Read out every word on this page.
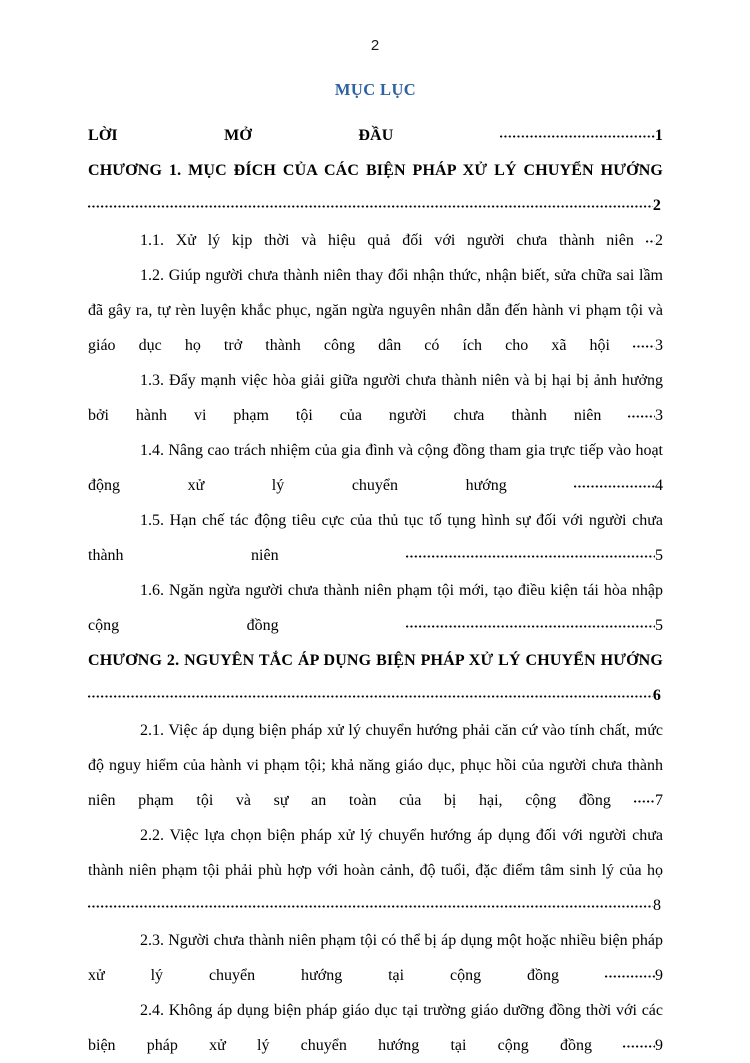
2
MỤC LỤC
LỜI MỞ ĐẦU	1
CHƯƠNG 1. MỤC ĐÍCH CỦA CÁC BIỆN PHÁP XỬ LÝ CHUYỂN HƯỚNG 2
1.1. Xử lý kịp thời và hiệu quả đối với người chưa thành niên 2
1.2. Giúp người chưa thành niên thay đổi nhận thức, nhận biết, sửa chữa sai lầm đã gây ra, tự rèn luyện khắc phục, ngăn ngừa nguyên nhân dẫn đến hành vi phạm tội và giáo dục họ trở thành công dân có ích cho xã hội	3
1.3. Đẩy mạnh việc hòa giải giữa người chưa thành niên và bị hại bị ảnh hưởng bởi hành vi phạm tội của người chưa thành niên	3
1.4. Nâng cao trách nhiệm của gia đình và cộng đồng tham gia trực tiếp vào hoạt động xử lý chuyển hướng	4
1.5. Hạn chế tác động tiêu cực của thủ tục tố tụng hình sự đối với người chưa thành niên	5
1.6. Ngăn ngừa người chưa thành niên phạm tội mới, tạo điều kiện tái hòa nhập cộng đồng	5
CHƯƠNG 2. NGUYÊN TẮC ÁP DỤNG BIỆN PHÁP XỬ LÝ CHUYỂN HƯỚNG 6
2.1. Việc áp dụng biện pháp xử lý chuyển hướng phải căn cứ vào tính chất, mức độ nguy hiểm của hành vi phạm tội; khả năng giáo dục, phục hồi của người chưa thành niên phạm tội và sự an toàn của bị hại, cộng đồng	7
2.2. Việc lựa chọn biện pháp xử lý chuyển hướng áp dụng đối với người chưa thành niên phạm tội phải phù hợp với hoàn cảnh, độ tuổi, đặc điểm tâm sinh lý của họ 8
2.3. Người chưa thành niên phạm tội có thể bị áp dụng một hoặc nhiều biện pháp xử lý chuyển hướng tại cộng đồng	9
2.4. Không áp dụng biện pháp giáo dục tại trường giáo dưỡng đồng thời với các biện pháp xử lý chuyển hướng tại cộng đồng	9
